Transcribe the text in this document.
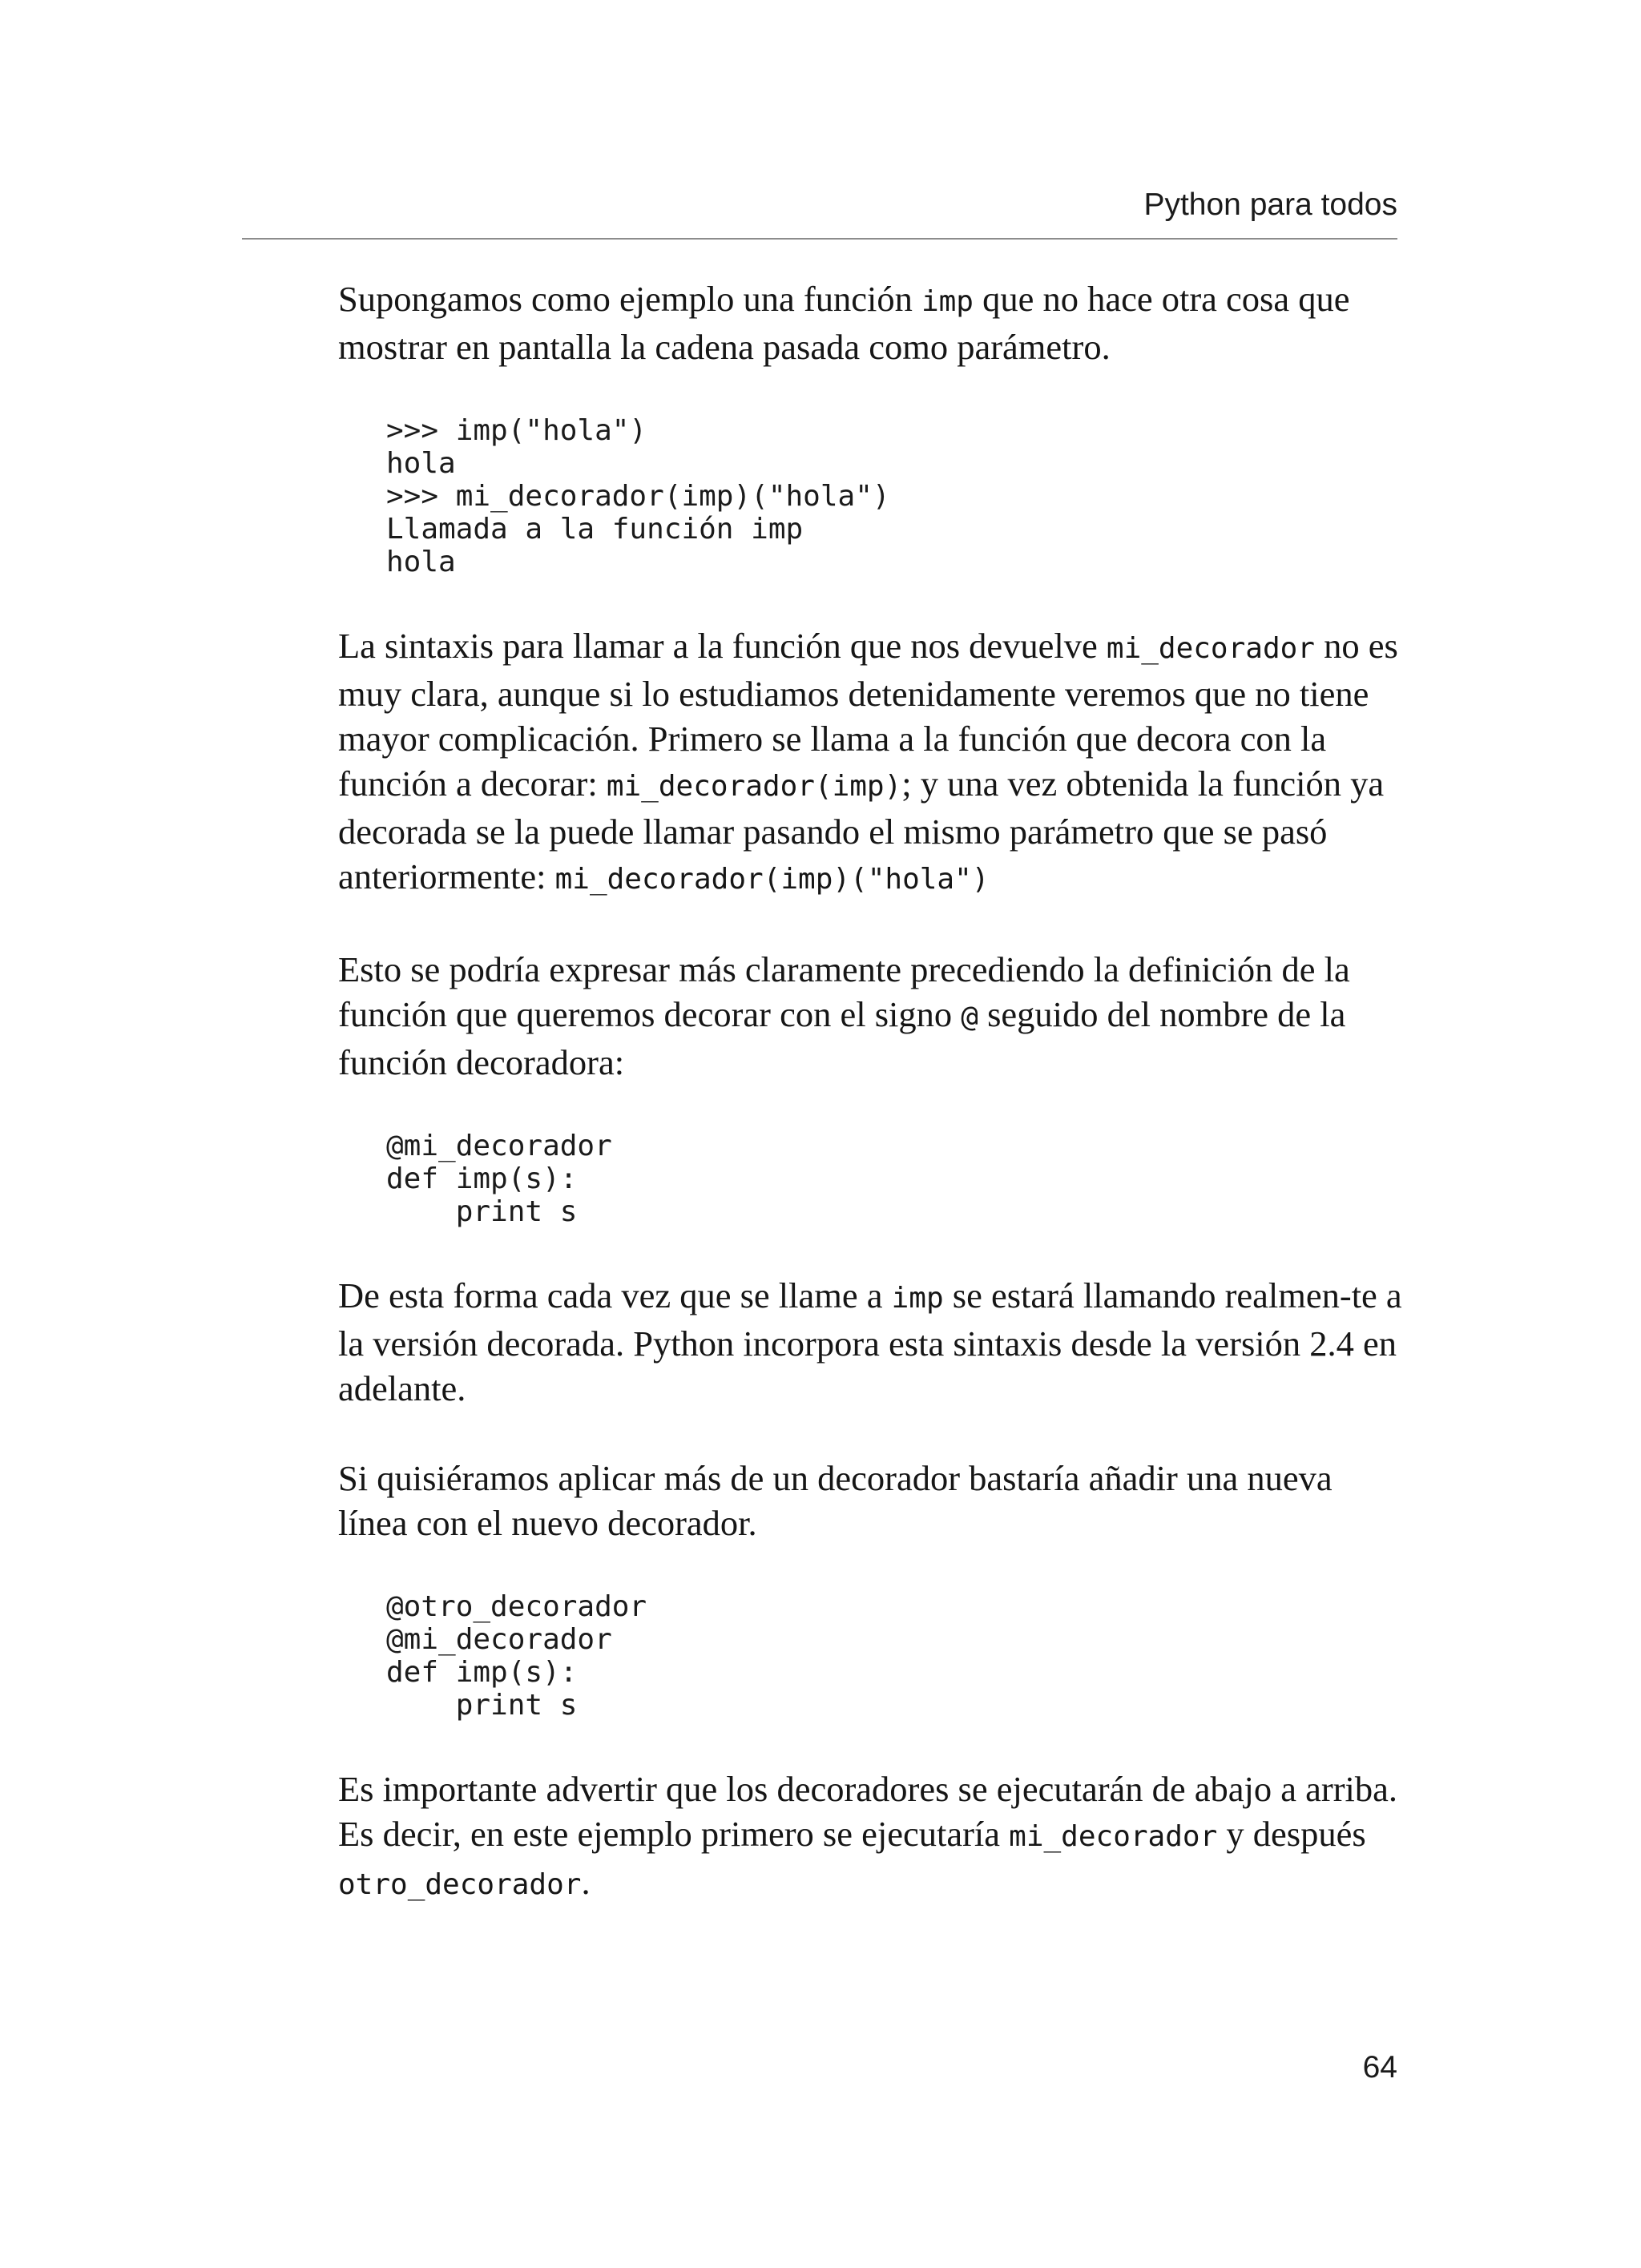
Python para todos

Supongamos como ejemplo una función imp que no hace otra cosa que mostrar en pantalla la cadena pasada como parámetro.

>>> imp("hola")
hola
>>> mi_decorador(imp)("hola")
Llamada a la función imp
hola

La sintaxis para llamar a la función que nos devuelve mi_decorador no es muy clara, aunque si lo estudiamos detenidamente veremos que no tiene mayor complicación. Primero se llama a la función que decora con la función a decorar: mi_decorador(imp); y una vez obtenida la función ya decorada se la puede llamar pasando el mismo parámetro que se pasó anteriormente: mi_decorador(imp)("hola")

Esto se podría expresar más claramente precediendo la definición de la función que queremos decorar con el signo @ seguido del nombre de la función decoradora:

@mi_decorador
def imp(s):
print s

De esta forma cada vez que se llame a imp se estará llamando realmen-te a la versión decorada. Python incorpora esta sintaxis desde la versión 2.4 en adelante.

Si quisiéramos aplicar más de un decorador bastaría añadir una nueva línea con el nuevo decorador.

@otro_decorador
@mi_decorador
def imp(s):
print s

Es importante advertir que los decoradores se ejecutarán de abajo a arriba. Es decir, en este ejemplo primero se ejecutaría mi_decorador y después otro_decorador.

64
